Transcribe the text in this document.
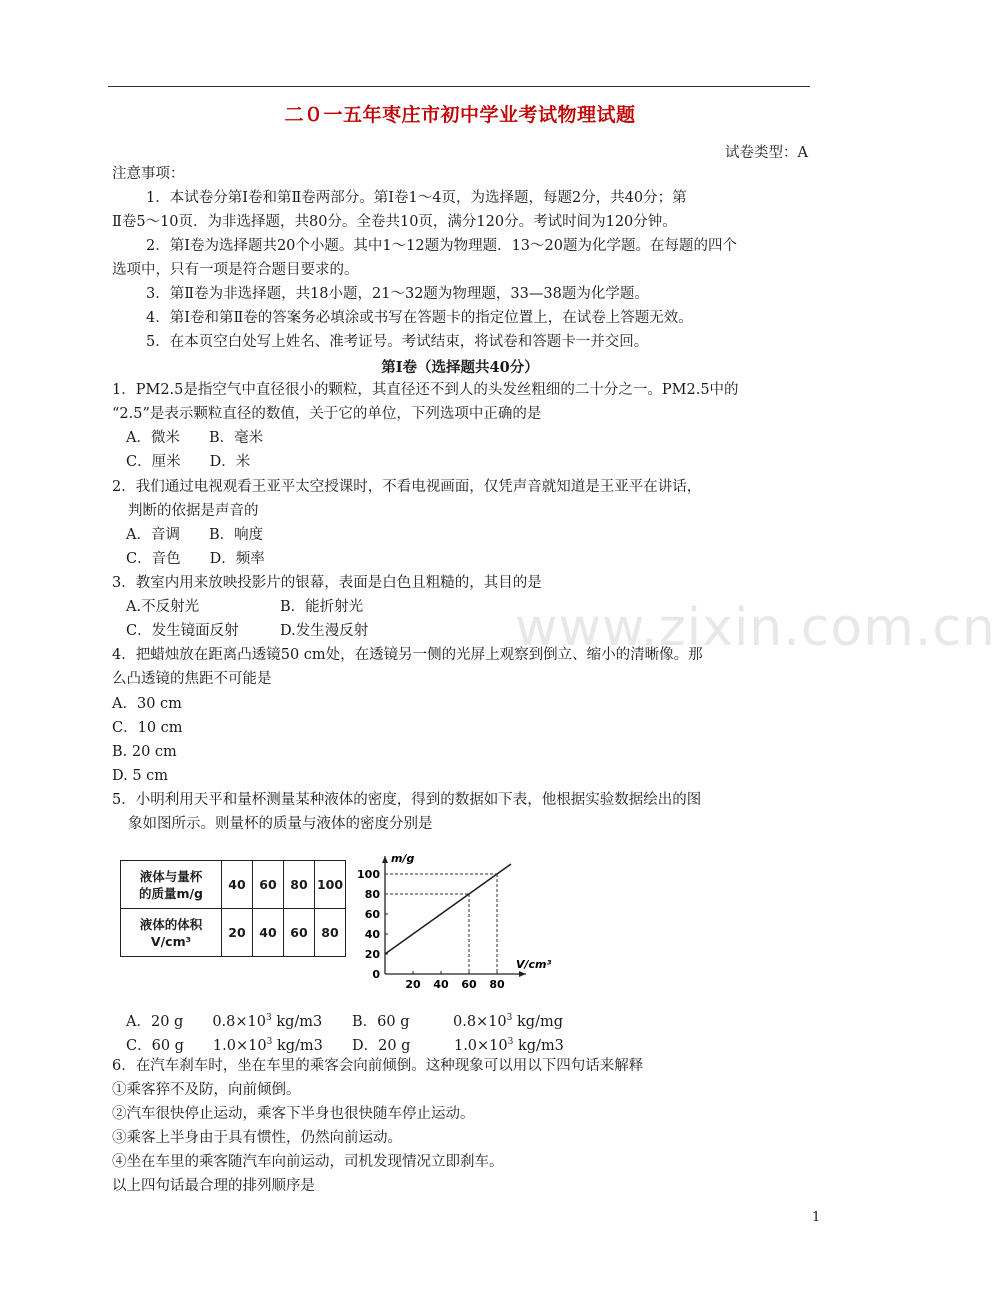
二０一五年枣庄市初中学业考试物理试题
试卷类型：A
注意事项：
1．本试卷分第Ⅰ卷和第Ⅱ卷两部分。第Ⅰ卷1～4页，为选择题，每题2分，共40分；第
Ⅱ卷5～10页．为非选择题，共80分。全卷共10页，满分120分。考试时间为120分钟。
2．第Ⅰ卷为选择题共20个小题。其中1～12题为物理题．13～20题为化学题。在每题的四个
选项中，只有一项是符合题目要求的。
3．第Ⅱ卷为非选择题，共18小题，21～32题为物理题，33—38题为化学题。
4．第Ⅰ卷和第Ⅱ卷的答案务必填涂或书写在答题卡的指定位置上，在试卷上答题无效。
5．在本页空白处写上姓名、准考证号。考试结束，将试卷和答题卡一并交回。
第Ⅰ卷（选择题共40分）
1．PM2.5是指空气中直径很小的颗粒，其直径还不到人的头发丝粗细的二十分之一。PM2.5中的
“2.5”是表示颗粒直径的数值，关于它的单位，下列选项中正确的是
A．微米　　B．毫米
C．厘米　　D．米
2．我们通过电视观看王亚平太空授课时，不看电视画面，仅凭声音就知道是王亚平在讲话，
判断的依据是声音的
A．音调　　B．响度
C．音色　　D．频率
3．教室内用来放映投影片的银幕，表面是白色且粗糙的，其目的是
A.不反射光	B．能折射光
C．发生镜面反射	D.发生漫反射	www.zixin.com.cn
4．把蜡烛放在距离凸透镜50 cm处，在透镜另一侧的光屏上观察到倒立、缩小的清晰像。那
么凸透镜的焦距不可能是
A．30 cm
C．10 cm
B. 20 cm
D. 5 cm
5．小明利用天平和量杯测量某种液体的密度，得到的数据如下表，他根据实验数据绘出的图
象如图所示。则量杯的质量与液体的密度分别是
液体与量杯
的质量m/g	40	60	80	100
液体的体积
V/cm³	20	40	60	80
20 40 60 80
0
20
40
60
80
100
m/g
V/cm³
A．20 g　　$0.8\times 10^3$ kg/m3 B．60 g　　　$0.8\times 10^3$ kg/mg
C．60 g　　$1.0\times 10^3$ kg/m3 D．20 g　　　$1.0\times 10^3$ kg/m3
6．在汽车刹车时，坐在车里的乘客会向前倾倒。这种现象可以用以下四句话来解释
①乘客猝不及防，向前倾倒。
②汽车很快停止运动，乘客下半身也很快随车停止运动。
③乘客上半身由于具有惯性，仍然向前运动。
④坐在车里的乘客随汽车向前运动，司机发现情况立即刹车。
以上四句话最合理的排列顺序是
1
